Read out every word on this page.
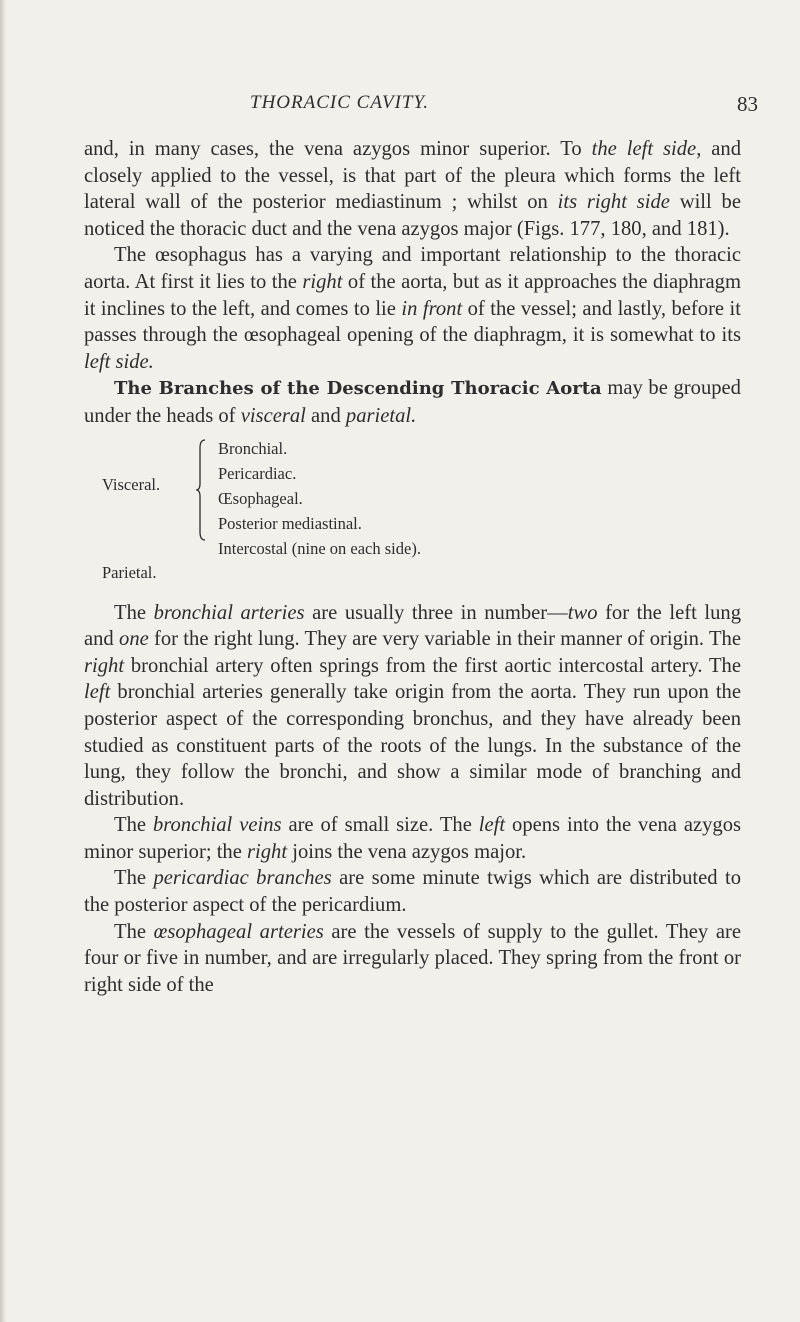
THORACIC CAVITY.	83

and, in many cases, the vena azygos minor superior. To the left side, and closely applied to the vessel, is that part of the pleura which forms the left lateral wall of the posterior mediastinum ; whilst on its right side will be noticed the thoracic duct and the vena azygos major (Figs. 177, 180, and 181).

The œsophagus has a varying and important relationship to the thoracic aorta. At first it lies to the right of the aorta, but as it approaches the diaphragm it inclines to the left, and comes to lie in front of the vessel; and lastly, before it passes through the œsophageal opening of the diaphragm, it is somewhat to its left side.

The Branches of the Descending Thoracic Aorta may be grouped under the heads of visceral and parietal.

Visceral.
Bronchial.
Pericardiac.
Œsophageal.
Posterior mediastinal.
Parietal.
Intercostal (nine on each side).

The bronchial arteries are usually three in number—two for the left lung and one for the right lung. They are very variable in their manner of origin. The right bronchial artery often springs from the first aortic intercostal artery. The left bronchial arteries generally take origin from the aorta. They run upon the posterior aspect of the corresponding bronchus, and they have already been studied as constituent parts of the roots of the lungs. In the substance of the lung, they follow the bronchi, and show a similar mode of branching and distribution.

The bronchial veins are of small size. The left opens into the vena azygos minor superior; the right joins the vena azygos major.

The pericardiac branches are some minute twigs which are distributed to the posterior aspect of the pericardium.

The œsophageal arteries are the vessels of supply to the gullet. They are four or five in number, and are irregularly placed. They spring from the front or right side of the
